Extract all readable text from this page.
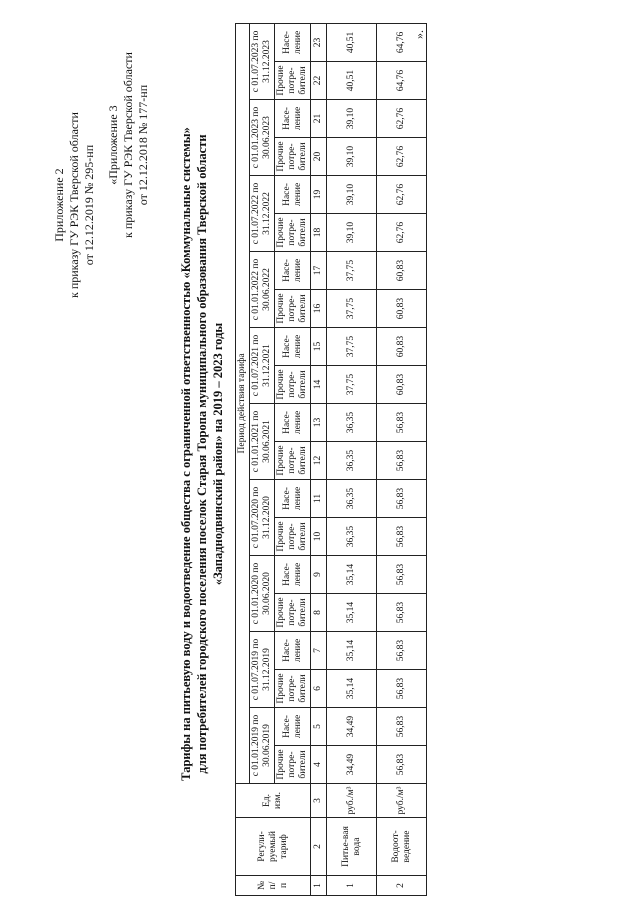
Приложение 2 к приказу ГУ РЭК Тверской области от 12.12.2019 № 295-нп «Приложение 3 к приказу ГУ РЭК Тверской области от 12.12.2018 № 177-нп Тарифы на питьевую воду и водоотведение общества с ограниченной ответственностью «Коммунальные системы» для потребителей городского поселения поселок Старая Торопа муниципального образования Тверской области «Западнодвинский район» на 2019 – 2023 годы
№ п/ п	Регули-руемый тариф	Ед. изм.	Период действия тарифа																			
			с 01.01.2019 по 30.06.2019		с 01.07.2019 по 31.12.2019		с 01.01.2020 по 30.06.2020		с 01.07.2020 по 31.12.2020		с 01.01.2021 по 30.06.2021		с 01.07.2021 по 31.12.2021		с 01.01.2022 по 30.06.2022		с 01.07.2022 по 31.12.2022		с 01.01.2023 по 30.06.2023		с 01.07.2023 по 31.12.2023	
			Прочие потре-бители	Насе-ление	Прочие потре-бители	Насе-ление	Прочие потре-бители	Насе-ление	Прочие потре-бители	Насе-ление	Прочие потре-бители	Насе-ление	Прочие потре-бители	Насе-ление	Прочие потре-бители	Насе-ление	Прочие потре-бители	Насе-ление	Прочие потре-бители	Насе-ление	Прочие потре-бители	Насе-ление
1	2	3	4	5	6	7	8	9	10	11	12	13	14	15	16	17	18	19	20	21	22	23
1	Питье-вая вода	руб./м³	34,49	34,49	35,14	35,14	35,14	35,14	36,35	36,35	36,35	36,35	37,75	37,75	37,75	37,75	39,10	39,10	39,10	39,10	40,51	40,51
2	Водоот-ведение	руб./м³	56,83	56,83	56,83	56,83	56,83	56,83	56,83	56,83	56,83	56,83	60,83	60,83	60,83	60,83	62,76	62,76	62,76	62,76	64,76	64,76 ».
